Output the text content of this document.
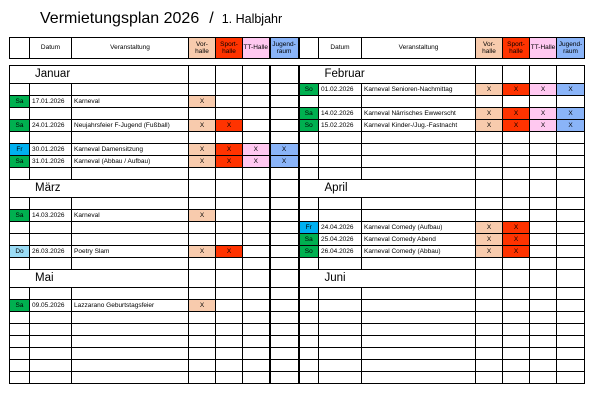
Vermietungsplan 2026 / 1. Halbjahr
	Datum	Veranstaltung	Vor-
halle	Sport-
halle	TT-Halle	Jugend-
raum		Datum	Veranstaltung	Vor-
halle	Sport-
halle	TT-Halle	Jugend-
raum

Januar							Februar						
							So	01.02.2026	Karneval Senioren-Nachmittag	X	X	X	X
Sa	17.01.2026	Karneval	X										
							Sa	14.02.2026	Karneval Närrisches Ewwerscht	X	X	X	X
Sa	24.01.2026	Neujahrsfeier F-Jugend (Fußball)	X	X			So	15.02.2026	Karneval Kinder-/Jug.-Fastnacht	X	X	X	X

Fr	30.01.2026	Karneval Damensitzung	X	X	X	X							
Sa	31.01.2026	Karneval (Abbau / Aufbau)	X	X	X	X							

März							April						

Sa	14.03.2026	Karneval	X										
							Fr	24.04.2026	Karneval Comedy (Aufbau)	X	X		
							Sa	25.04.2026	Karneval Comedy Abend	X	X		
Do	26.03.2026	Poetry Slam	X	X			So	26.04.2026	Karneval Comedy (Abbau)	X	X		

Mai							Juni						

Sa	09.05.2026	Lazzarano Geburtstagsfeier	X										
